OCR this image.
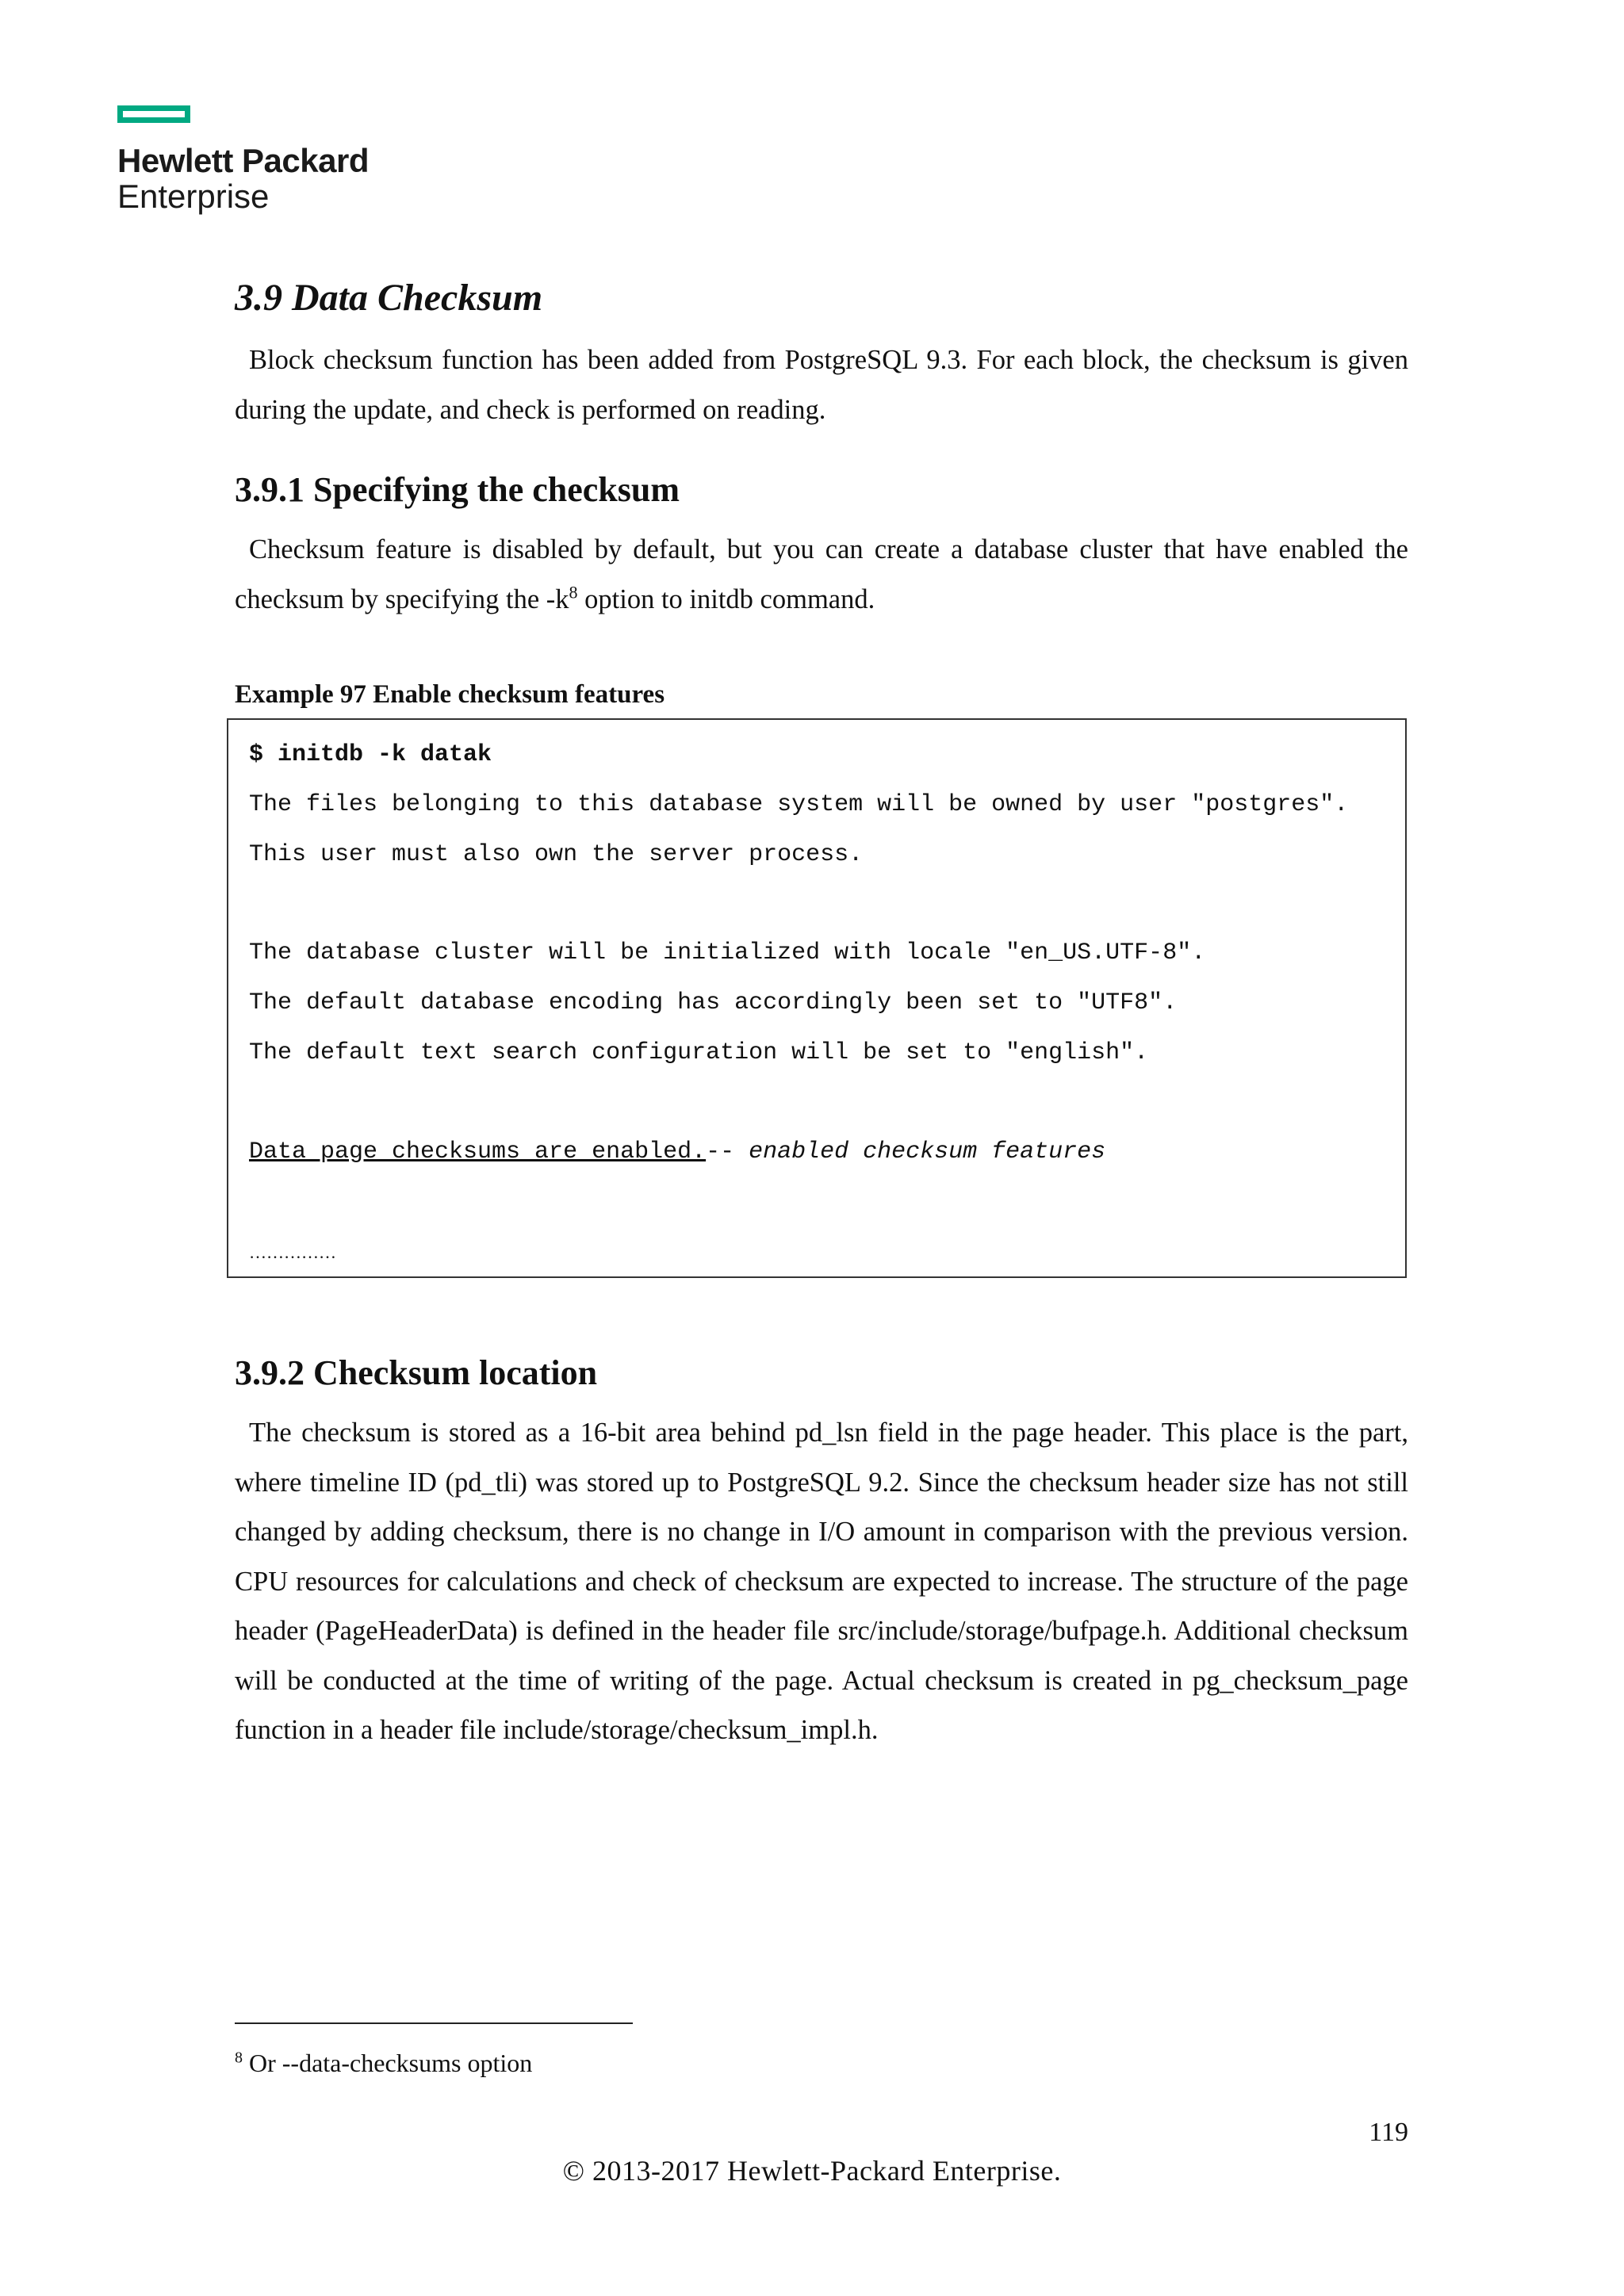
Hewlett Packard
Enterprise
3.9 Data Checksum

Block checksum function has been added from PostgreSQL 9.3. For each block, the checksum is given during the update, and check is performed on reading.

3.9.1 Specifying the checksum

Checksum feature is disabled by default, but you can create a database cluster that have enabled the checksum by specifying the -k$^8$ option to initdb command.

Example 97 Enable checksum features
$ initdb -k datak
The files belonging to this database system will be owned by user "postgres".
This user must also own the server process.
The database cluster will be initialized with locale "en_US.UTF-8".
The default database encoding has accordingly been set to "UTF8".
The default text search configuration will be set to "english".
Data page checksums are enabled.-- enabled checksum features
……………
3.9.2 Checksum location

The checksum is stored as a 16-bit area behind pd_lsn field in the page header. This place is the part, where timeline ID (pd_tli) was stored up to PostgreSQL 9.2. Since the checksum header size has not still changed by adding checksum, there is no change in I/O amount in comparison with the previous version. CPU resources for calculations and check of checksum are expected to increase. The structure of the page header (PageHeaderData) is defined in the header file src/include/storage/bufpage.h. Additional checksum will be conducted at the time of writing of the page. Actual checksum is created in pg_checksum_page function in a header file include/storage/checksum_impl.h.

$^8$ Or --data-checksums option
119
© 2013-2017 Hewlett-Packard Enterprise.
